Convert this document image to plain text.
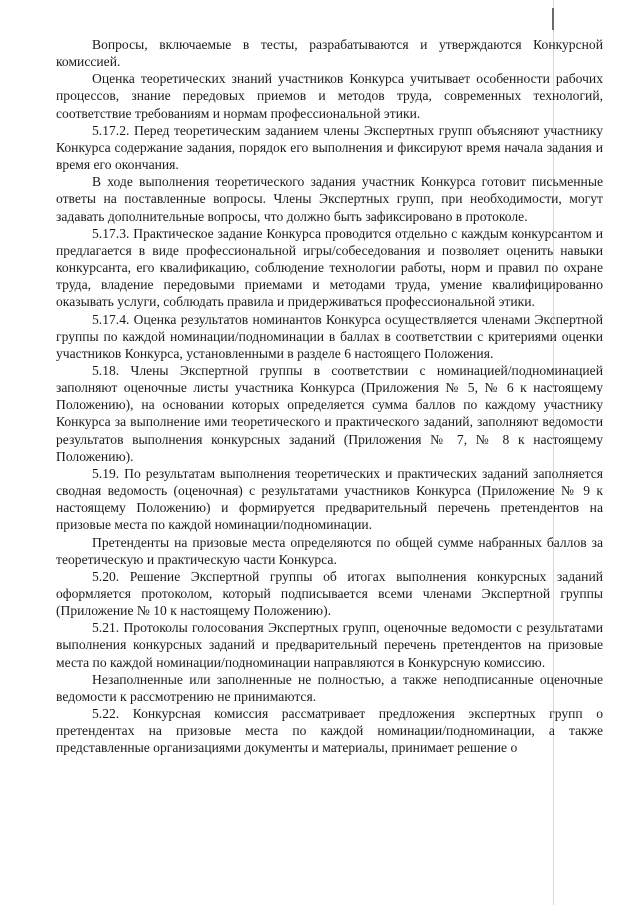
Вопросы, включаемые в тесты, разрабатываются и утверждаются Конкурсной комиссией.

Оценка теоретических знаний участников Конкурса учитывает особенности рабочих процессов, знание передовых приемов и методов труда, современных технологий, соответствие требованиям и нормам профессиональной этики.

5.17.2. Перед теоретическим заданием члены Экспертных групп объясняют участнику Конкурса содержание задания, порядок его выполнения и фиксируют время начала задания и время его окончания.

В ходе выполнения теоретического задания участник Конкурса готовит письменные ответы на поставленные вопросы. Члены Экспертных групп, при необходимости, могут задавать дополнительные вопросы, что должно быть зафиксировано в протоколе.

5.17.3. Практическое задание Конкурса проводится отдельно с каждым конкурсантом и предлагается в виде профессиональной игры/собеседования и позволяет оценить навыки конкурсанта, его квалификацию, соблюдение технологии работы, норм и правил по охране труда, владение передовыми приемами и методами труда, умение квалифицированно оказывать услуги, соблюдать правила и придерживаться профессиональной этики.

5.17.4. Оценка результатов номинантов Конкурса осуществляется членами Экспертной группы по каждой номинации/подноминации в баллах в соответствии с критериями оценки участников Конкурса, установленными в разделе 6 настоящего Положения.

5.18. Члены Экспертной группы в соответствии с номинацией/подноминацией заполняют оценочные листы участника Конкурса (Приложения № 5, № 6 к настоящему Положению), на основании которых определяется сумма баллов по каждому участнику Конкурса за выполнение ими теоретического и практического заданий, заполняют ведомости результатов выполнения конкурсных заданий (Приложения № 7, № 8 к настоящему Положению).

5.19. По результатам выполнения теоретических и практических заданий заполняется сводная ведомость (оценочная) с результатами участников Конкурса (Приложение № 9 к настоящему Положению) и формируется предварительный перечень претендентов на призовые места по каждой номинации/подноминации.

Претенденты на призовые места определяются по общей сумме набранных баллов за теоретическую и практическую части Конкурса.

5.20. Решение Экспертной группы об итогах выполнения конкурсных заданий оформляется протоколом, который подписывается всеми членами Экспертной группы (Приложение № 10 к настоящему Положению).

5.21. Протоколы голосования Экспертных групп, оценочные ведомости с результатами выполнения конкурсных заданий и предварительный перечень претендентов на призовые места по каждой номинации/подноминации направляются в Конкурсную комиссию.

Незаполненные или заполненные не полностью, а также неподписанные оценочные ведомости к рассмотрению не принимаются.

5.22. Конкурсная комиссия рассматривает предложения экспертных групп о претендентах на призовые места по каждой номинации/подноминации, а также представленные организациями документы и материалы, принимает решение о
